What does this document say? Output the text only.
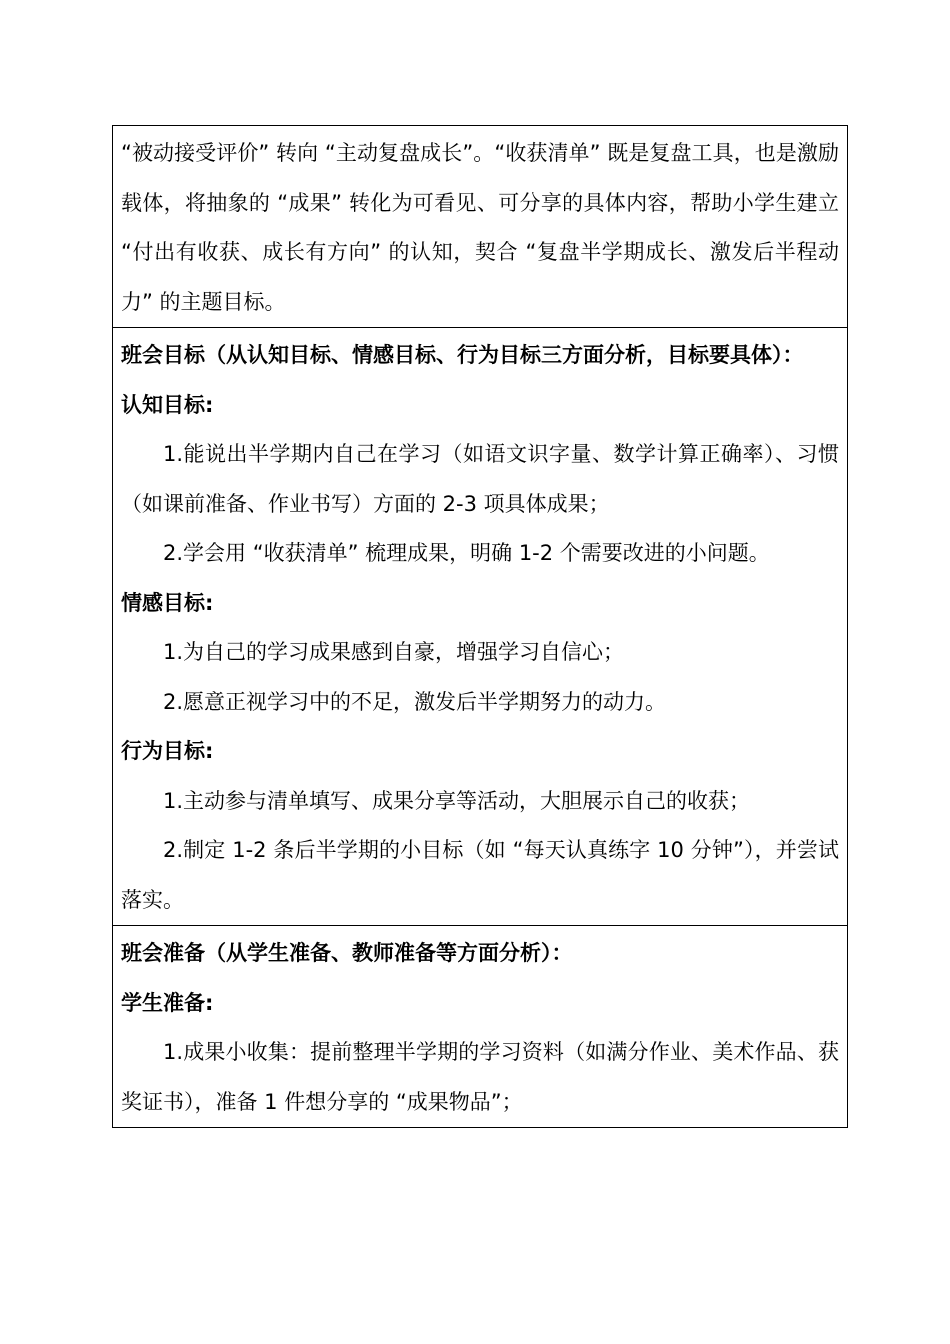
“被动接受评价” 转向 “主动复盘成长”。“收获清单” 既是复盘工具，也是激励载体，将抽象的 “成果” 转化为可看见、可分享的具体内容，帮助小学生建立 “付出有收获、成长有方向” 的认知，契合 “复盘半学期成长、激发后半程动力” 的主题目标。

班会目标（从认知目标、情感目标、行为目标三方面分析，目标要具体）：

认知目标:

1.能说出半学期内自己在学习（如语文识字量、数学计算正确率）、习惯（如课前准备、作业书写）方面的 2-3 项具体成果；

2.学会用 “收获清单” 梳理成果，明确 1-2 个需要改进的小问题。

情感目标:

1.为自己的学习成果感到自豪，增强学习自信心；

2.愿意正视学习中的不足，激发后半学期努力的动力。

行为目标:

1.主动参与清单填写、成果分享等活动，大胆展示自己的收获；

2.制定 1-2 条后半学期的小目标（如 “每天认真练字 10 分钟”），并尝试落实。

班会准备（从学生准备、教师准备等方面分析）：

学生准备:

1.成果小收集：提前整理半学期的学习资料（如满分作业、美术作品、获奖证书），准备 1 件想分享的 “成果物品”；
